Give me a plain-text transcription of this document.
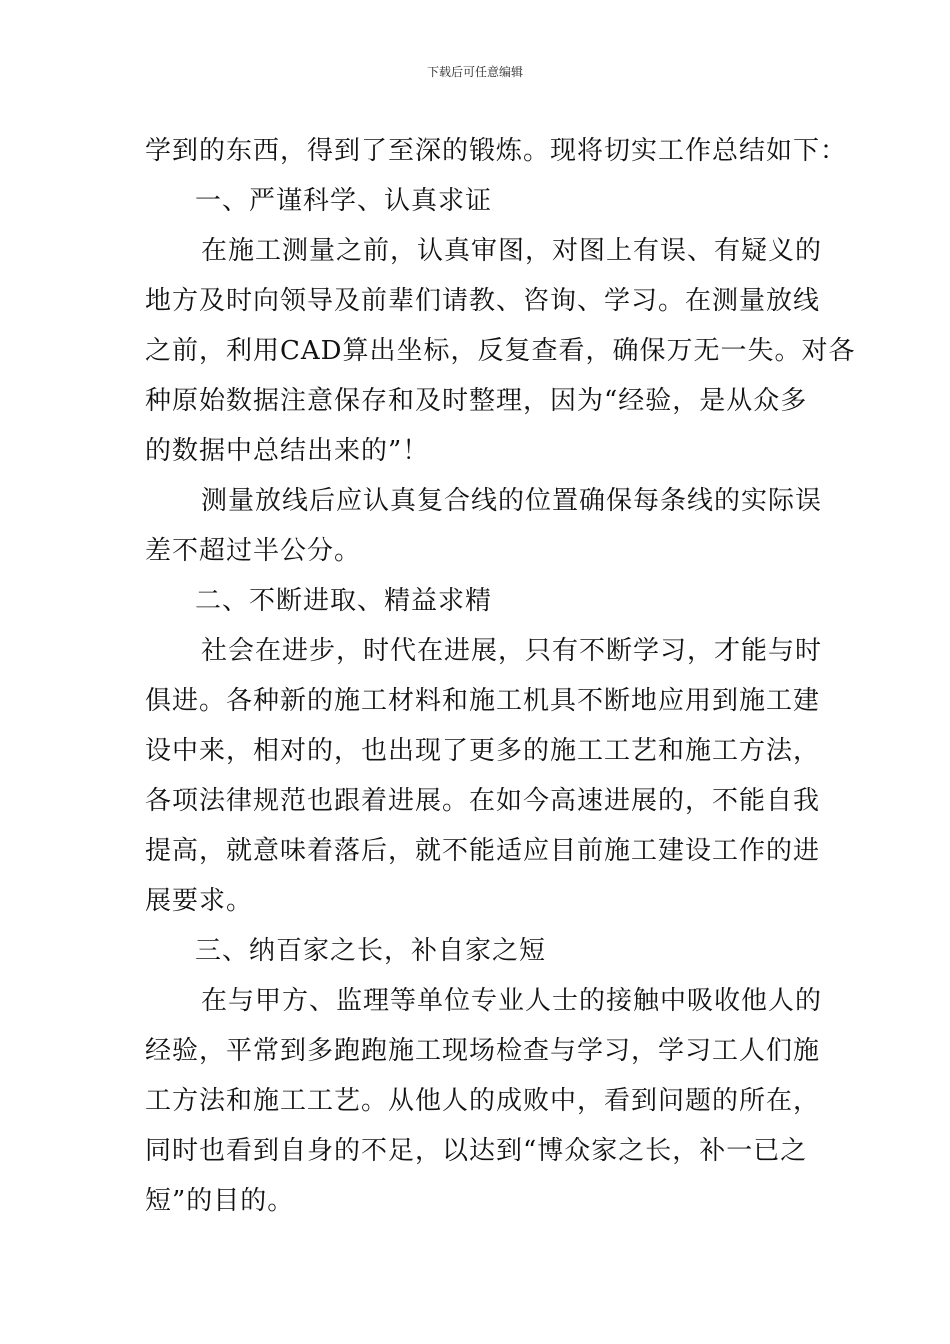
下载后可任意编辑
学到的东西，得到了至深的锻炼。现将切实工作总结如下：
一、严谨科学、认真求证
在施工测量之前，认真审图，对图上有误、有疑义的
地方及时向领导及前辈们请教、咨询、学习。在测量放线
之前，利用CAD算出坐标，反复查看，确保万无一失。对各
种原始数据注意保存和及时整理，因为“经验，是从众多
的数据中总结出来的”！
测量放线后应认真复合线的位置确保每条线的实际误
差不超过半公分。
二、不断进取、精益求精
社会在进步，时代在进展，只有不断学习，才能与时
俱进。各种新的施工材料和施工机具不断地应用到施工建
设中来，相对的，也出现了更多的施工工艺和施工方法，
各项法律规范也跟着进展。在如今高速进展的，不能自我
提高，就意味着落后，就不能适应目前施工建设工作的进
展要求。
三、纳百家之长，补自家之短
在与甲方、监理等单位专业人士的接触中吸收他人的
经验，平常到多跑跑施工现场检查与学习，学习工人们施
工方法和施工工艺。从他人的成败中，看到问题的所在，
同时也看到自身的不足，以达到“博众家之长，补一已之
短”的目的。
